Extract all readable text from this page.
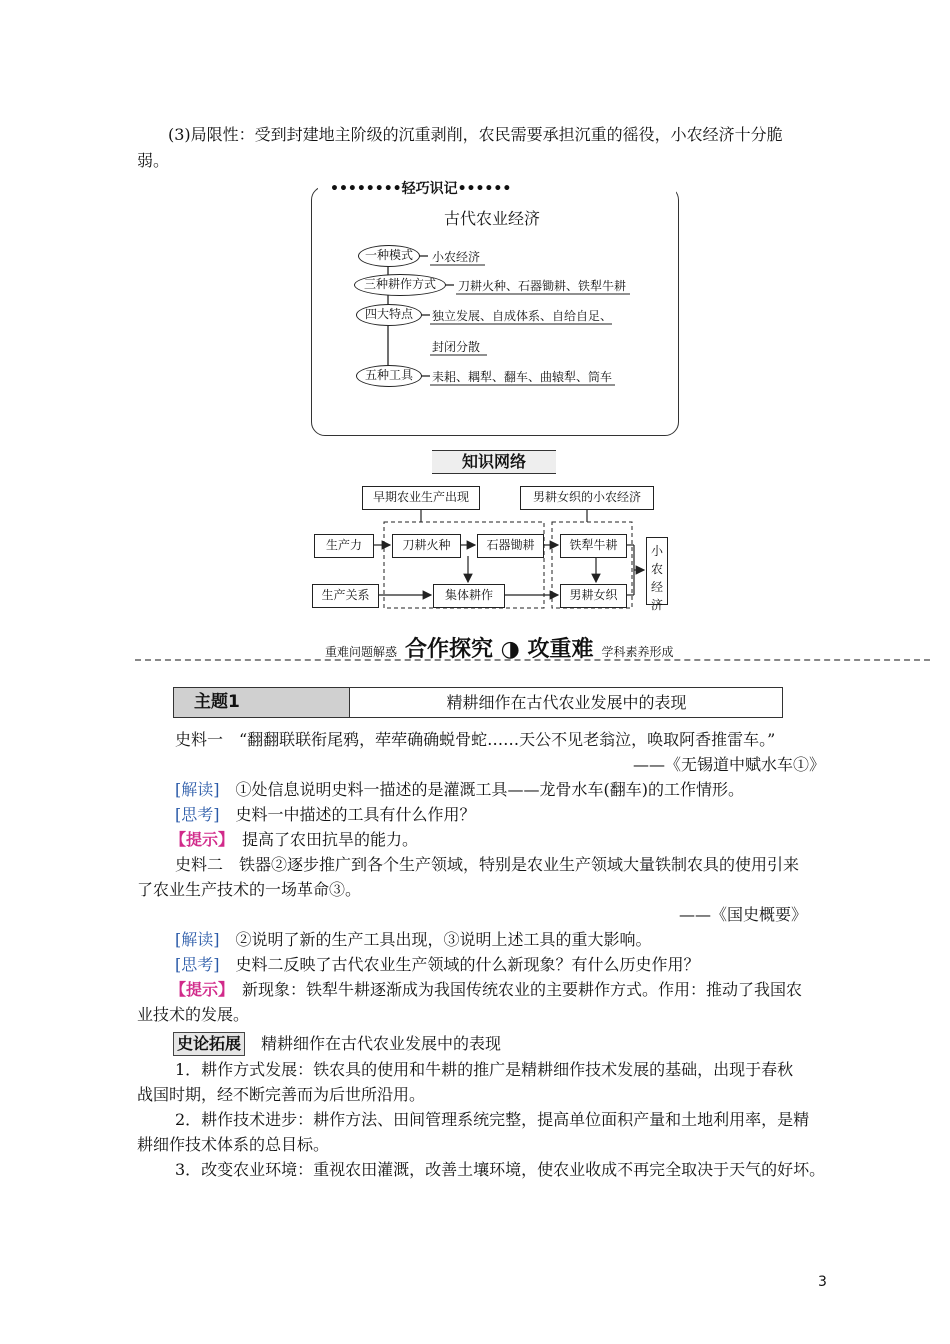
(3)局限性：受到封建地主阶级的沉重剥削，农民需要承担沉重的徭役，小农经济十分脆
弱。
••••••••轻巧识记••••••
古代农业经济
一种模式	小农经济
三种耕作方式	刀耕火种、石器锄耕、铁犁牛耕
四大特点	独立发展、自成体系、自给自足、
封闭分散
五种工具	耒耜、耦犁、翻车、曲辕犁、筒车
知识网络
早期农业生产出现	男耕女织的小农经济
生产力	刀耕火种	石器锄耕	铁犁牛耕
生产关系	集体耕作	男耕女织
小农经济
重难问题解惑 合作探究 ◑ 攻重难 学科素养形成
主题1	精耕细作在古代农业发展中的表现
史料一　“翻翻联联衔尾鸦，荦荦确确蜕骨蛇……天公不见老翁泣，唤取阿香推雷车。”
——《无锡道中赋水车①》
[解读]　 ①处信息说明史料一描述的是灌溉工具——龙骨水车(翻车)的工作情形。
[思考]　 史料一中描述的工具有什么作用？
【提示】　 提高了农田抗旱的能力。
史料二　铁器②逐步推广到各个生产领域，特别是农业生产领域大量铁制农具的使用引来
了农业生产技术的一场革命③。
——《国史概要》
[解读]　 ②说明了新的生产工具出现，③说明上述工具的重大影响。
[思考]　 史料二反映了古代农业生产领域的什么新现象？有什么历史作用？
【提示】　 新现象：铁犁牛耕逐渐成为我国传统农业的主要耕作方式。作用：推动了我国农
业技术的发展。
史论拓展　 精耕细作在古代农业发展中的表现
1．耕作方式发展：铁农具的使用和牛耕的推广是精耕细作技术发展的基础，出现于春秋
战国时期，经不断完善而为后世所沿用。
2．耕作技术进步：耕作方法、田间管理系统完整，提高单位面积产量和土地利用率，是精
耕细作技术体系的总目标。
3．改变农业环境：重视农田灌溉，改善土壤环境，使农业收成不再完全取决于天气的好坏。
3
